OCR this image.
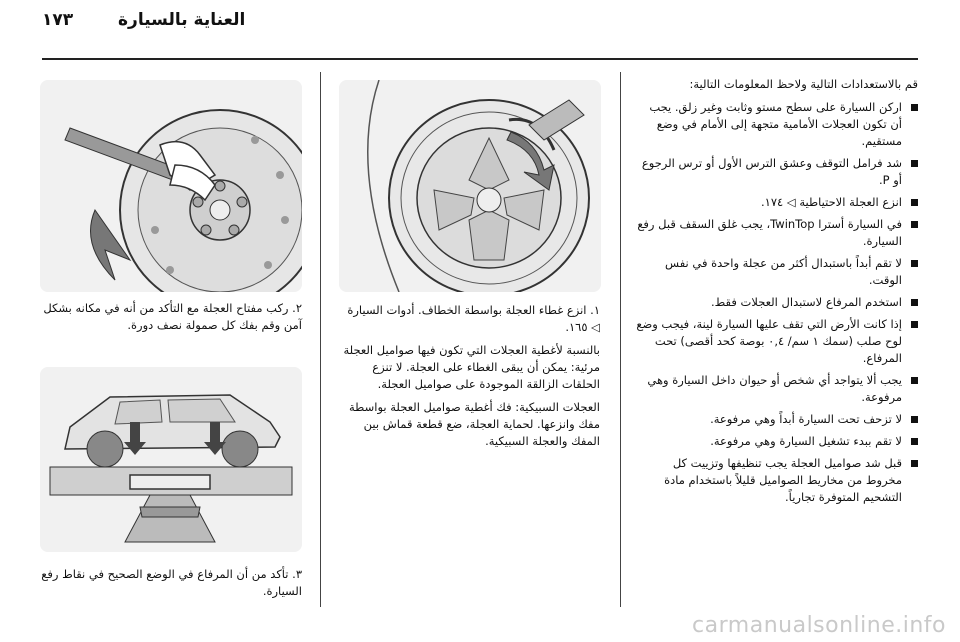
١٧٣	العناية بالسيارة

قم بالاستعدادات التالية ولاحظ المعلومات التالية:

اركن السيارة على سطح مستو وثابت وغير زلق. يجب أن تكون العجلات الأمامية متجهة إلى الأمام في وضع مستقيم.
شد فرامل التوقف وعشق الترس الأول أو ترس الرجوع أو P.
انزع العجلة الاحتياطية ◁ ١٧٤.
في السيارة أسترا TwinTop، يجب غلق السقف قبل رفع السيارة.
لا تقم أبداً باستبدال أكثر من عجلة واحدة في نفس الوقت.
استخدم المرفاع لاستبدال العجلات فقط.
إذا كانت الأرض التي تقف عليها السيارة لينة، فيجب وضع لوح صلب (سمك ١ سم/ ٠,٤ بوصة كحد أقصى) تحت المرفاع.
يجب ألا يتواجد أي شخص أو حيوان داخل السيارة وهي مرفوعة.
لا تزحف تحت السيارة أبداً وهي مرفوعة.
لا تقم ببدء تشغيل السيارة وهي مرفوعة.
قبل شد صواميل العجلة يجب تنظيفها وتزييت كل مخروط من مخاريط الصواميل قليلاً باستخدام مادة التشحيم المتوفرة تجارياً.

١. انزع غطاء العجلة بواسطة الخطاف. أدوات السيارة ◁ ١٦٥.

بالنسبة لأغطية العجلات التي تكون فيها صواميل العجلة مرئية: يمكن أن يبقى الغطاء على العجلة. لا تنزع الحلقات الزالقة الموجودة على صواميل العجلة.

العجلات السبيكية: فك أغطية صواميل العجلة بواسطة مفك وانزعها. لحماية العجلة، ضع قطعة قماش بين المفك والعجلة السبيكية.

٢. ركب مفتاح العجلة مع التأكد من أنه في مكانه بشكل آمن وقم بفك كل صمولة نصف دورة.
٣. تأكد من أن المرفاع في الوضع الصحيح في نقاط رفع السيارة.
carmanualsonline.info
